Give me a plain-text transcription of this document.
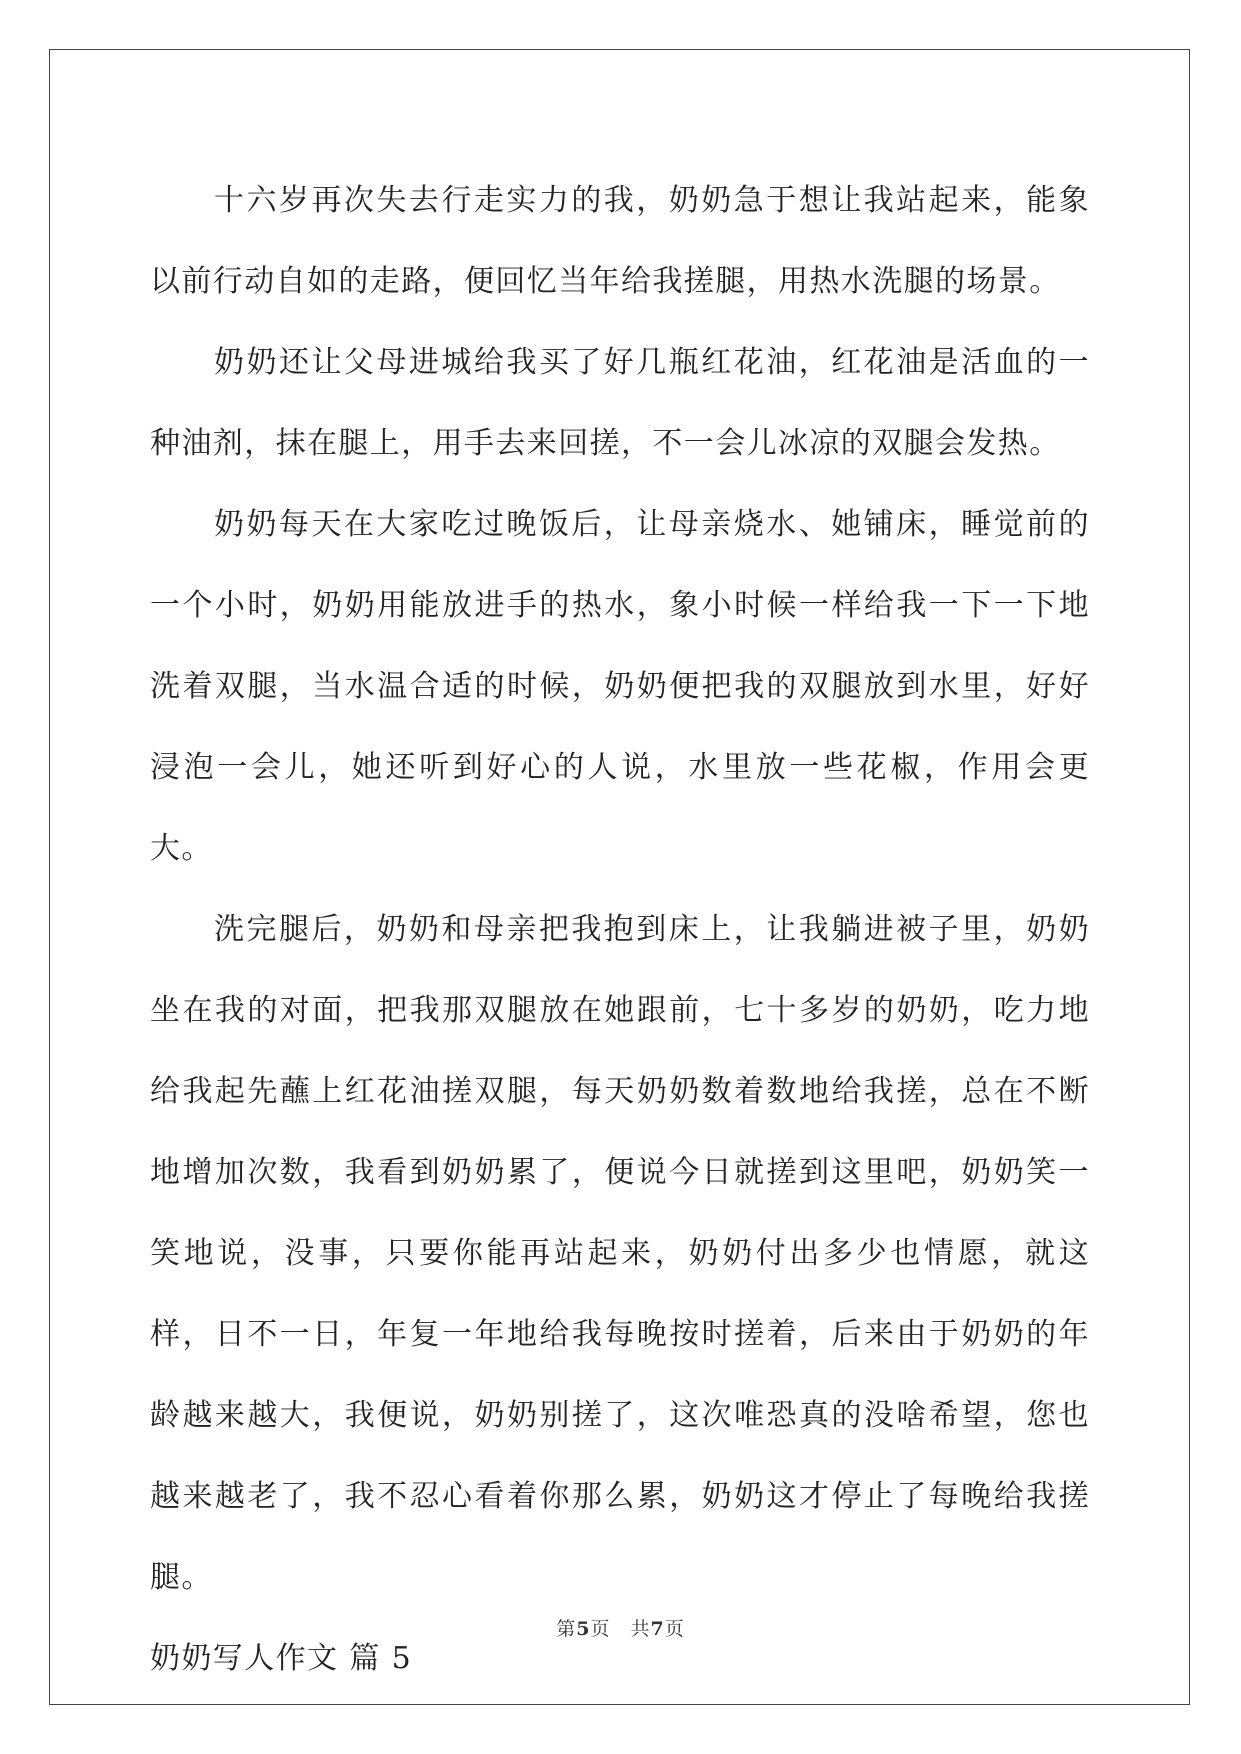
十六岁再次失去行走实力的我，奶奶急于想让我站起来，能象以前行动自如的走路，便回忆当年给我搓腿，用热水洗腿的场景。

奶奶还让父母进城给我买了好几瓶红花油，红花油是活血的一种油剂，抹在腿上，用手去来回搓，不一会儿冰凉的双腿会发热。

奶奶每天在大家吃过晚饭后，让母亲烧水、她铺床，睡觉前的一个小时，奶奶用能放进手的热水，象小时候一样给我一下一下地洗着双腿，当水温合适的时候，奶奶便把我的双腿放到水里，好好浸泡一会儿，她还听到好心的人说，水里放一些花椒，作用会更大。

洗完腿后，奶奶和母亲把我抱到床上，让我躺进被子里，奶奶坐在我的对面，把我那双腿放在她跟前，七十多岁的奶奶，吃力地给我起先蘸上红花油搓双腿，每天奶奶数着数地给我搓，总在不断地增加次数，我看到奶奶累了，便说今日就搓到这里吧，奶奶笑一笑地说，没事，只要你能再站起来，奶奶付出多少也情愿，就这样，日不一日，年复一年地给我每晚按时搓着，后来由于奶奶的年龄越来越大，我便说，奶奶别搓了，这次唯恐真的没啥希望，您也越来越老了，我不忍心看着你那么累，奶奶这才停止了每晚给我搓腿。

奶奶写人作文 篇 5

第5页 共7页
